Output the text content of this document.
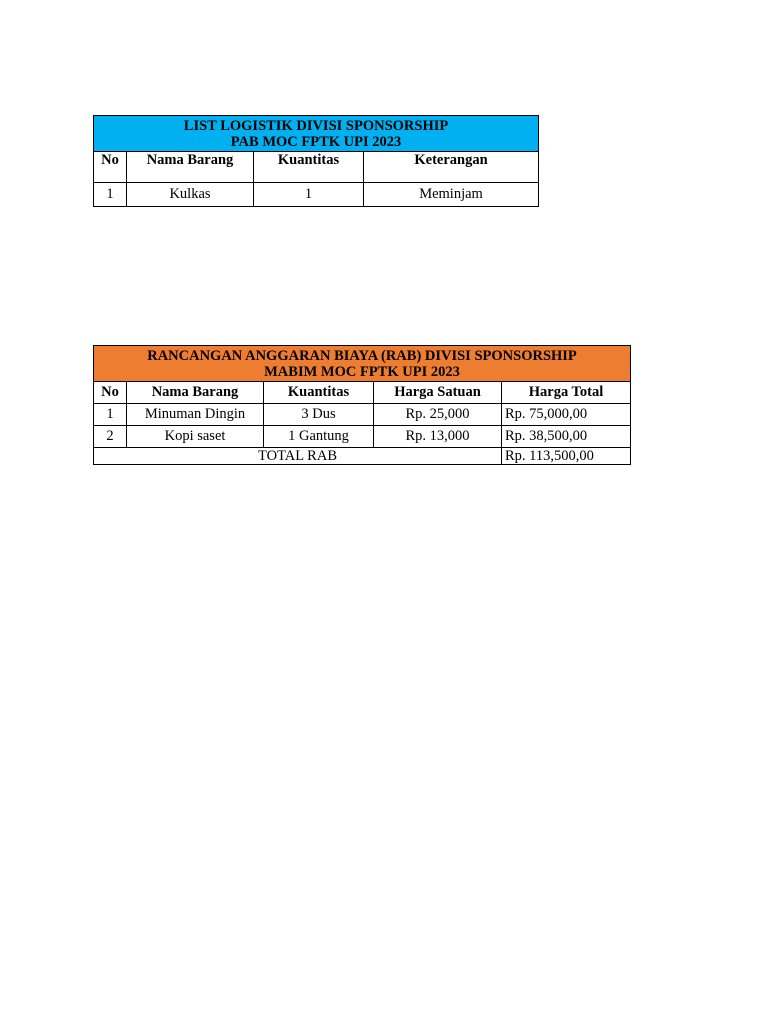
LIST LOGISTIK DIVISI SPONSORSHIP
PAB MOC FPTK UPI 2023			

No	Nama Barang	Kuantitas	Keterangan
1	Kulkas	1	Meminjam
RANCANGAN ANGGARAN BIAYA (RAB) DIVISI SPONSORSHIP
MABIM MOC FPTK UPI 2023				

No	Nama Barang	Kuantitas	Harga Satuan	Harga Total
1	Minuman Dingin	3 Dus	Rp. 25,000	Rp. 75,000,00
2	Kopi saset	1 Gantung	Rp. 13,000	Rp. 38,500,00
TOTAL RAB				Rp. 113,500,00
